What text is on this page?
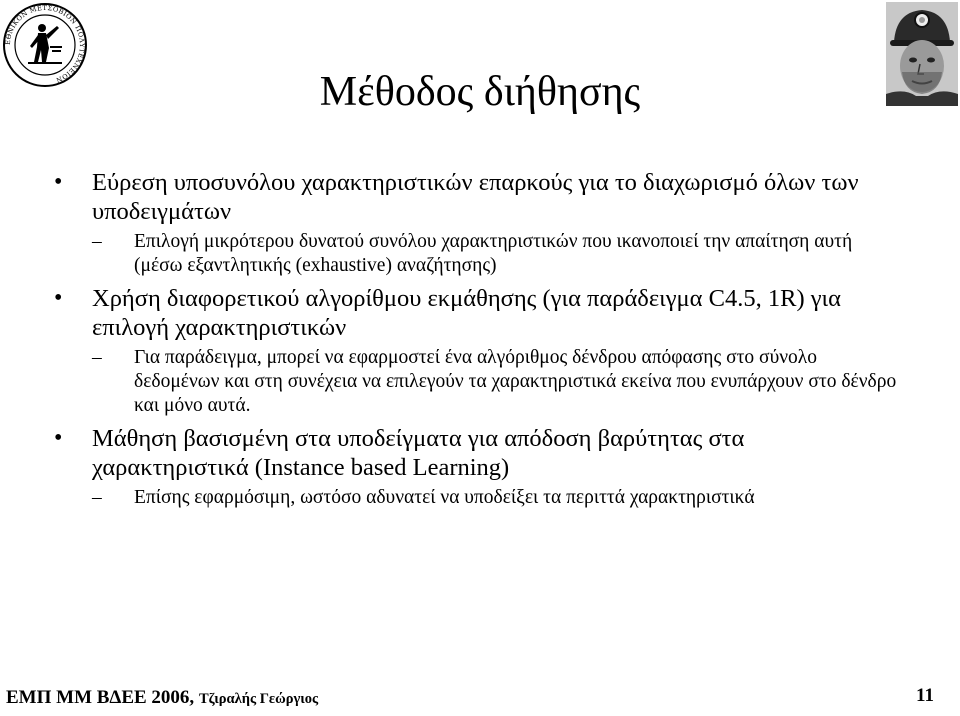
ΕΘΝΙΚΟΝ ΜΕΤΣΟΒΙΟΝ ΠΟΛΥΤΕΧΝΕΙΟΝ	Μέθοδος διήθησης
• Εύρεση υποσυνόλου χαρακτηριστικών επαρκούς για το διαχωρισμό όλων των υποδειγμάτων
– Επιλογή μικρότερου δυνατού συνόλου χαρακτηριστικών που ικανοποιεί την απαίτηση αυτή (μέσω εξαντλητικής (exhaustive) αναζήτησης)
• Χρήση διαφορετικού αλγορίθμου εκμάθησης (για παράδειγμα C4.5, 1R) για επιλογή χαρακτηριστικών
– Για παράδειγμα, μπορεί να εφαρμοστεί ένα αλγόριθμος δένδρου απόφασης στο σύνολο δεδομένων και στη συνέχεια να επιλεγούν τα χαρακτηριστικά εκείνα που ενυπάρχουν στο δένδρο και μόνο αυτά.
• Μάθηση βασισμένη στα υποδείγματα για απόδοση βαρύτητας στα χαρακτηριστικά (Instance based Learning)
– Επίσης εφαρμόσιμη, ωστόσο αδυνατεί να υποδείξει τα περιττά χαρακτηριστικά
ΕΜΠ ΜΜ ΒΔΕΕ 2006, Τζιραλής Γεώργιος	11
